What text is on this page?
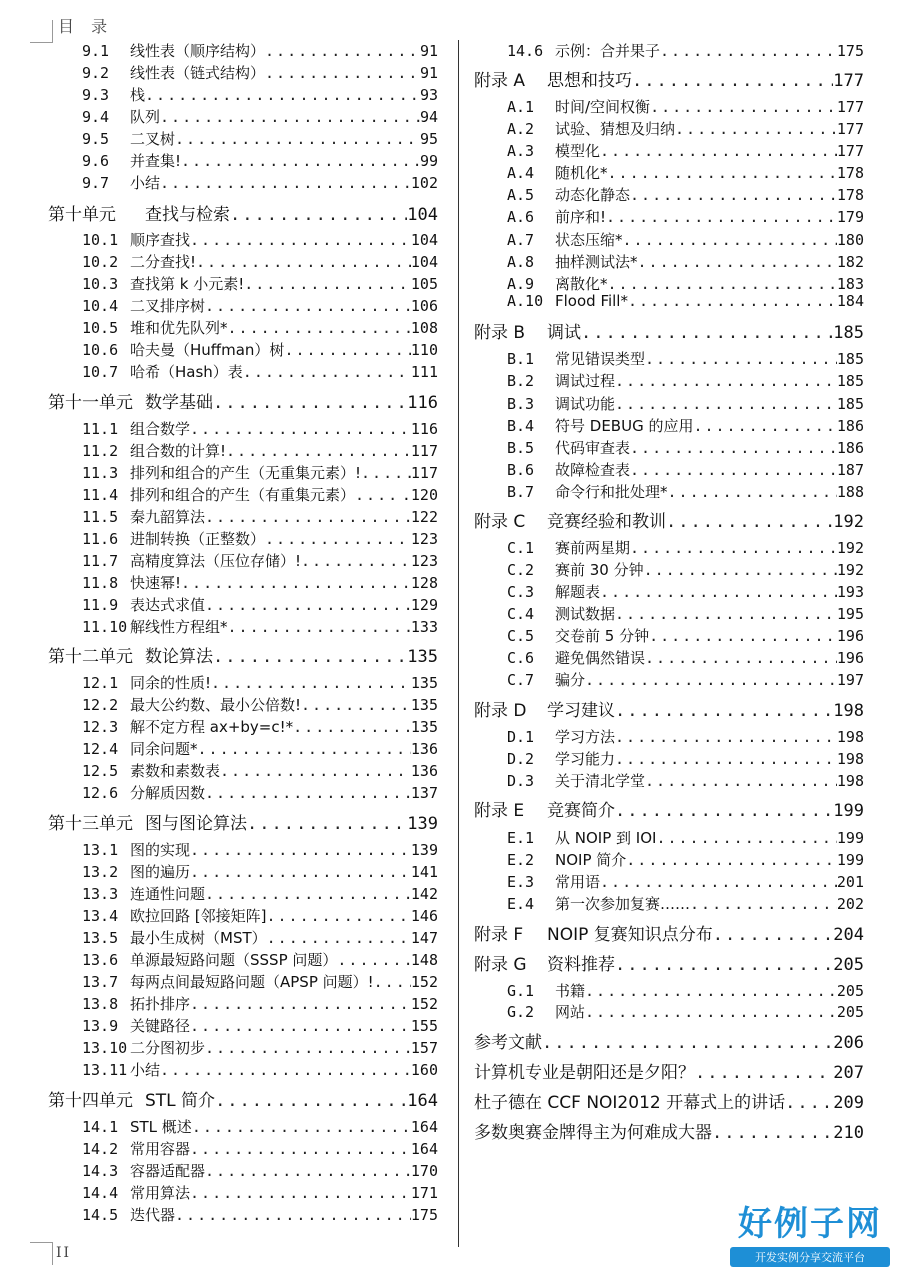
目 录
9.1	线性表（顺序结构） .....	91
9.2	线性表（链式结构） .....	91
9.3	栈 .....	93
9.4	队列 .....	94
9.5	二叉树 .....	95
9.6	并查集! .....	99
9.7	小结 .....	102
第十单元	查找与检索 .....	104
10.1 顺序查找 .....	104
10.2 二分查找! .....	104
10.3 查找第 k 小元素! .....	105
10.4 二叉排序树 .....	106
10.5 堆和优先队列* .....	108
10.6 哈夫曼（Huffman）树 .....	110
10.7 哈希（Hash）表 .....	111
第十一单元 数学基础 .....	116
11.1 组合数学 .....	116
11.2 组合数的计算! .....	117
11.3 排列和组合的产生（无重集元素）! .....	117
11.4 排列和组合的产生（有重集元素） .....	.120
11.5 秦九韶算法 .....	122
11.6 进制转换（正整数） .....	123
11.7 高精度算法（压位存储）! .....	123
11.8 快速幂! .....	128
11.9 表达式求值 .....	129
11.10 解线性方程组* .....	133
第十二单元 数论算法 .....	135
12.1 同余的性质! .....	135
12.2 最大公约数、最小公倍数! .....	135
12.3 解不定方程 ax+by=c!* .....	135
12.4 同余问题* .....	136
12.5 素数和素数表 .....	136
12.6 分解质因数 .....	137
第十三单元 图与图论算法 .....	139
13.1 图的实现 .....	139
13.2 图的遍历 .....	141
13.3 连通性问题 .....	142
13.4 欧拉回路 [邻接矩阵] .....	146
13.5 最小生成树（MST） .....	147
13.6 单源最短路问题（SSSP 问题） .....	148
13.7 每两点间最短路问题（APSP 问题）! ..... 152
13.8 拓扑排序 .....	152
13.9 关键路径 .....	155
13.10 二分图初步 .....	157
13.11 小结 .....	160
第十四单元 STL 简介 .....	164
14.1 STL 概述 .....	164
14.2 常用容器 .....	164
14.3 容器适配器 .....	170
14.4 常用算法 .....	171
14.5 迭代器 .....	175
14.6 示例：合并果子 .....	175
附录 A	思想和技巧 .....	177
A.1	时间/空间权衡 .....	177
A.2	试验、猜想及归纳 .....	177
A.3	模型化 .....	177
A.4	随机化* .....	178
A.5	动态化静态 .....	178
A.6	前序和! .....	179
A.7	状态压缩* .....	180
A.8	抽样测试法* .....	182
A.9	离散化* .....	183
A.10 Flood Fill* .....	184
附录 B	调试 .....	185
B.1	常见错误类型 .....	185
B.2	调试过程 .....	185
B.3	调试功能 .....	185
B.4	符号 DEBUG 的应用 .....	186
B.5	代码审查表 .....	186
B.6	故障检查表 .....	187
B.7	命令行和批处理* .....	188
附录 C	竞赛经验和教训 .....	192
C.1	赛前两星期 .....	192
C.2	赛前 30 分钟 .....	192
C.3	解题表 .....	193
C.4	测试数据 .....	195
C.5	交卷前 5 分钟 .....	196
C.6	避免偶然错误 .....	196
C.7	骗分 .....	197
附录 D	学习建议 .....	198
D.1	学习方法 .....	198
D.2	学习能力 .....	198
D.3	关于清北学堂 .....	198
附录 E	竞赛简介 .....	199
E.1	从 NOIP 到 IOI .....	199
E.2	NOIP 简介 .....	199
E.3	常用语 .....	201
E.4	第一次参加复赛…… .....	202
附录 F	NOIP 复赛知识点分布 .....	204
附录 G	资料推荐 .....	205
G.1	书籍 .....	205
G.2	网站 .....	205
参考文献 .....	206
计算机专业是朝阳还是夕阳？ .....	207
杜子德在 CCF NOI2012 开幕式上的讲话 .....	209
多数奥赛金牌得主为何难成大器 .....	210
II
好例子网
开发实例分享交流平台
